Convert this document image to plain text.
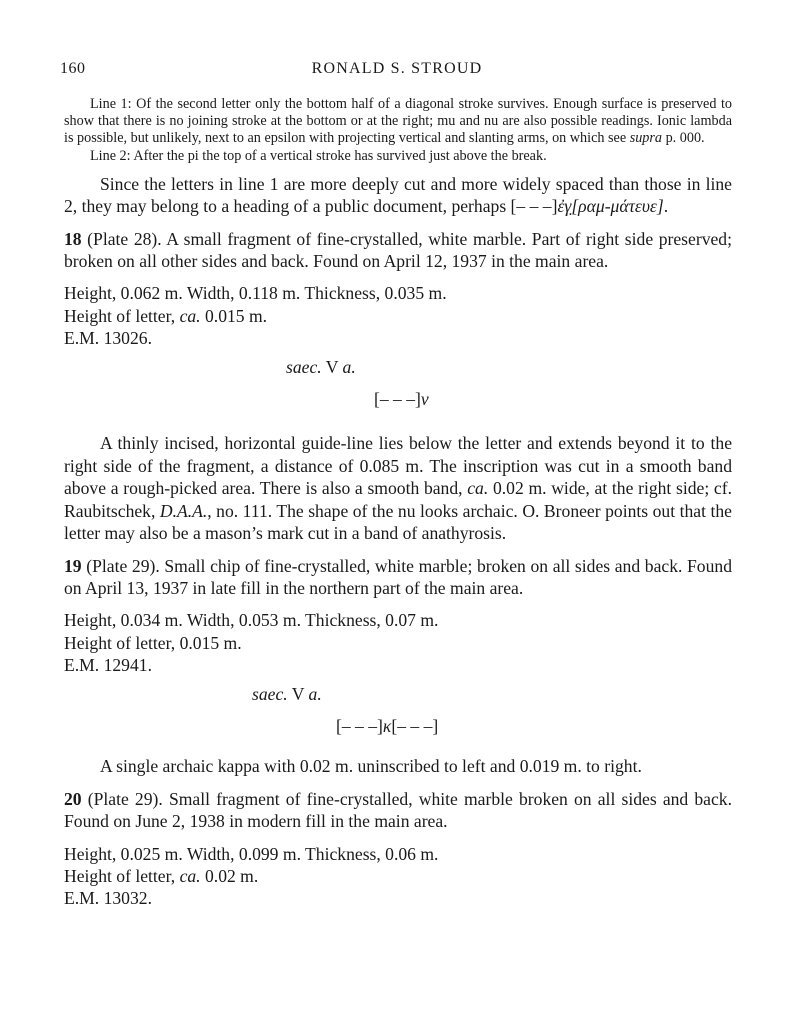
160	RONALD S. STROUD

Line 1: Of the second letter only the bottom half of a diagonal stroke survives. Enough surface is preserved to show that there is no joining stroke at the bottom or at the right; mu and nu are also possible readings. Ionic lambda is possible, but unlikely, next to an epsilon with projecting vertical and slanting arms, on which see supra p. 000.

Line 2: After the pi the top of a vertical stroke has survived just above the break.

Since the letters in line 1 are more deeply cut and more widely spaced than those in line 2, they may belong to a heading of a public document, perhaps [– – –]ἐγ̣[ραμ-μάτευε].

18 (Plate 28). A small fragment of fine-crystalled, white marble. Part of right side preserved; broken on all other sides and back. Found on April 12, 1937 in the main area.

Height, 0.062 m. Width, 0.118 m. Thickness, 0.035 m.

Height of letter, ca. 0.015 m.

E.M. 13026.

saec. V a.

[– – –]ν

A thinly incised, horizontal guide-line lies below the letter and extends beyond it to the right side of the fragment, a distance of 0.085 m. The inscription was cut in a smooth band above a rough-picked area. There is also a smooth band, ca. 0.02 m. wide, at the right side; cf. Raubitschek, D.A.A., no. 111. The shape of the nu looks archaic. O. Broneer points out that the letter may also be a mason’s mark cut in a band of anathyrosis.

19 (Plate 29). Small chip of fine-crystalled, white marble; broken on all sides and back. Found on April 13, 1937 in late fill in the northern part of the main area.

Height, 0.034 m. Width, 0.053 m. Thickness, 0.07 m.

Height of letter, 0.015 m.

E.M. 12941.

saec. V a.

[– – –]κ[– – –]

A single archaic kappa with 0.02 m. uninscribed to left and 0.019 m. to right.

20 (Plate 29). Small fragment of fine-crystalled, white marble broken on all sides and back. Found on June 2, 1938 in modern fill in the main area.

Height, 0.025 m. Width, 0.099 m. Thickness, 0.06 m.

Height of letter, ca. 0.02 m.

E.M. 13032.
